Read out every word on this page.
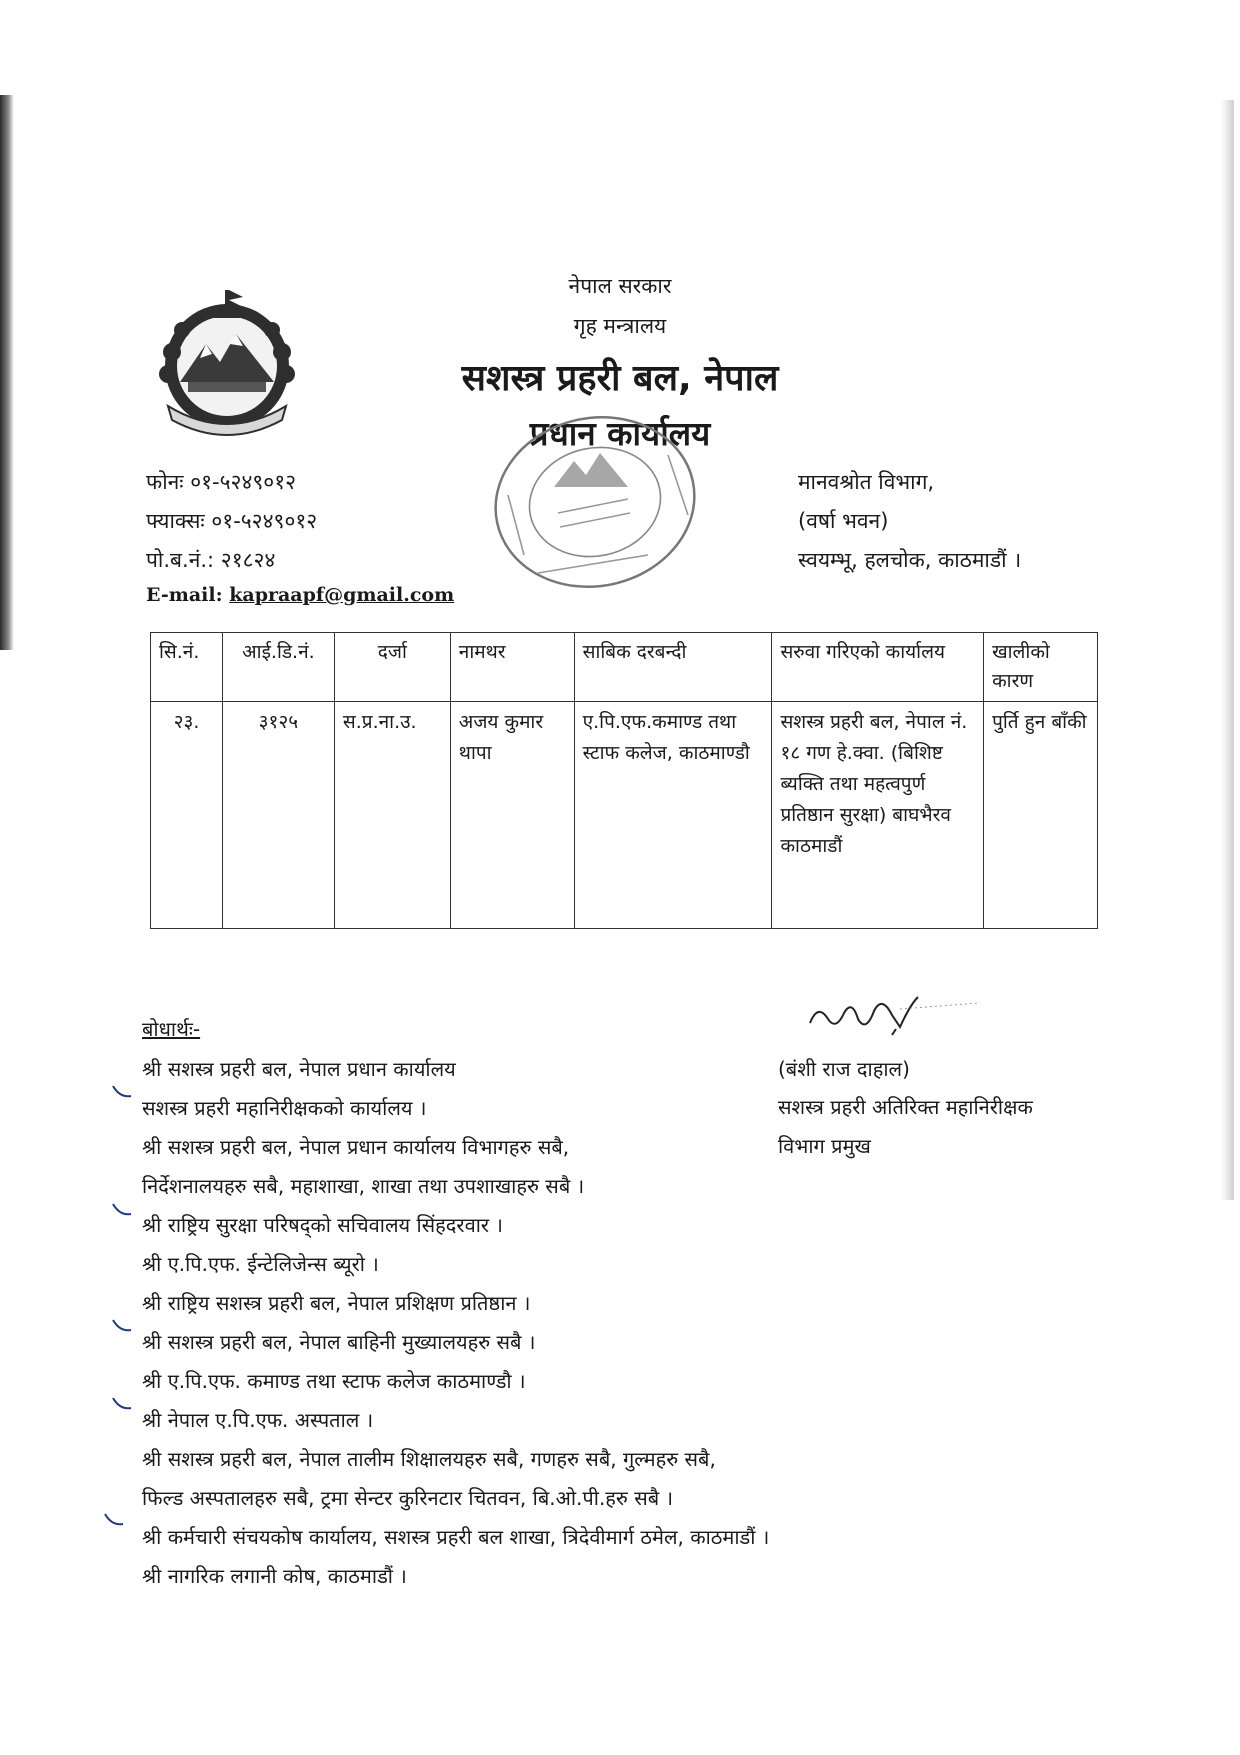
नेपाल सरकार
गृह मन्त्रालय
सशस्त्र प्रहरी बल, नेपाल
प्रधान कार्यालय
फोनः ०१-५२४९०१२
फ्याक्सः ०१-५२४९०१२
पो.ब.नं.: २१८२४
E-mail: kapraapf@gmail.com
मानवश्रोत विभाग,
(वर्षा भवन)
स्वयम्भू, हलचोक, काठमाडौं ।
सि.नं.	आई.डि.नं.	दर्जा	नामथर	साबिक दरबन्दी	सरुवा गरिएको कार्यालय	खालीको कारण
२३.	३१२५	स.प्र.ना.उ.	अजय कुमार थापा	ए.पि.एफ.कमाण्ड तथा स्टाफ कलेज, काठमाण्डौ	सशस्त्र प्रहरी बल, नेपाल नं. १८ गण हे.क्वा. (बिशिष्ट ब्यक्ति तथा महत्वपुर्ण प्रतिष्ठान सुरक्षा) बाघभैरव काठमाडौं	पुर्ति हुन बाँकी
बोधार्थः-
श्री सशस्त्र प्रहरी बल, नेपाल प्रधान कार्यालय
सशस्त्र प्रहरी महानिरीक्षकको कार्यालय ।
श्री सशस्त्र प्रहरी बल, नेपाल प्रधान कार्यालय विभागहरु सबै,
निर्देशनालयहरु सबै, महाशाखा, शाखा तथा उपशाखाहरु सबै ।
श्री राष्ट्रिय सुरक्षा परिषद्को सचिवालय सिंहदरवार ।
श्री ए.पि.एफ. ईन्टेलिजेन्स ब्यूरो ।
श्री राष्ट्रिय सशस्त्र प्रहरी बल, नेपाल प्रशिक्षण प्रतिष्ठान ।
श्री सशस्त्र प्रहरी बल, नेपाल बाहिनी मुख्यालयहरु सबै ।
श्री ए.पि.एफ. कमाण्ड तथा स्टाफ कलेज काठमाण्डौ ।
श्री नेपाल ए.पि.एफ. अस्पताल ।
श्री सशस्त्र प्रहरी बल, नेपाल तालीम शिक्षालयहरु सबै, गणहरु सबै, गुल्महरु सबै,
फिल्ड अस्पतालहरु सबै, ट्रमा सेन्टर कुरिनटार चितवन, बि.ओ.पी.हरु सबै ।
श्री कर्मचारी संचयकोष कार्यालय, सशस्त्र प्रहरी बल शाखा, त्रिदेवीमार्ग ठमेल, काठमाडौं ।
श्री नागरिक लगानी कोष, काठमाडौं ।
(बंशी राज दाहाल)
सशस्त्र प्रहरी अतिरिक्त महानिरीक्षक
विभाग प्रमुख
